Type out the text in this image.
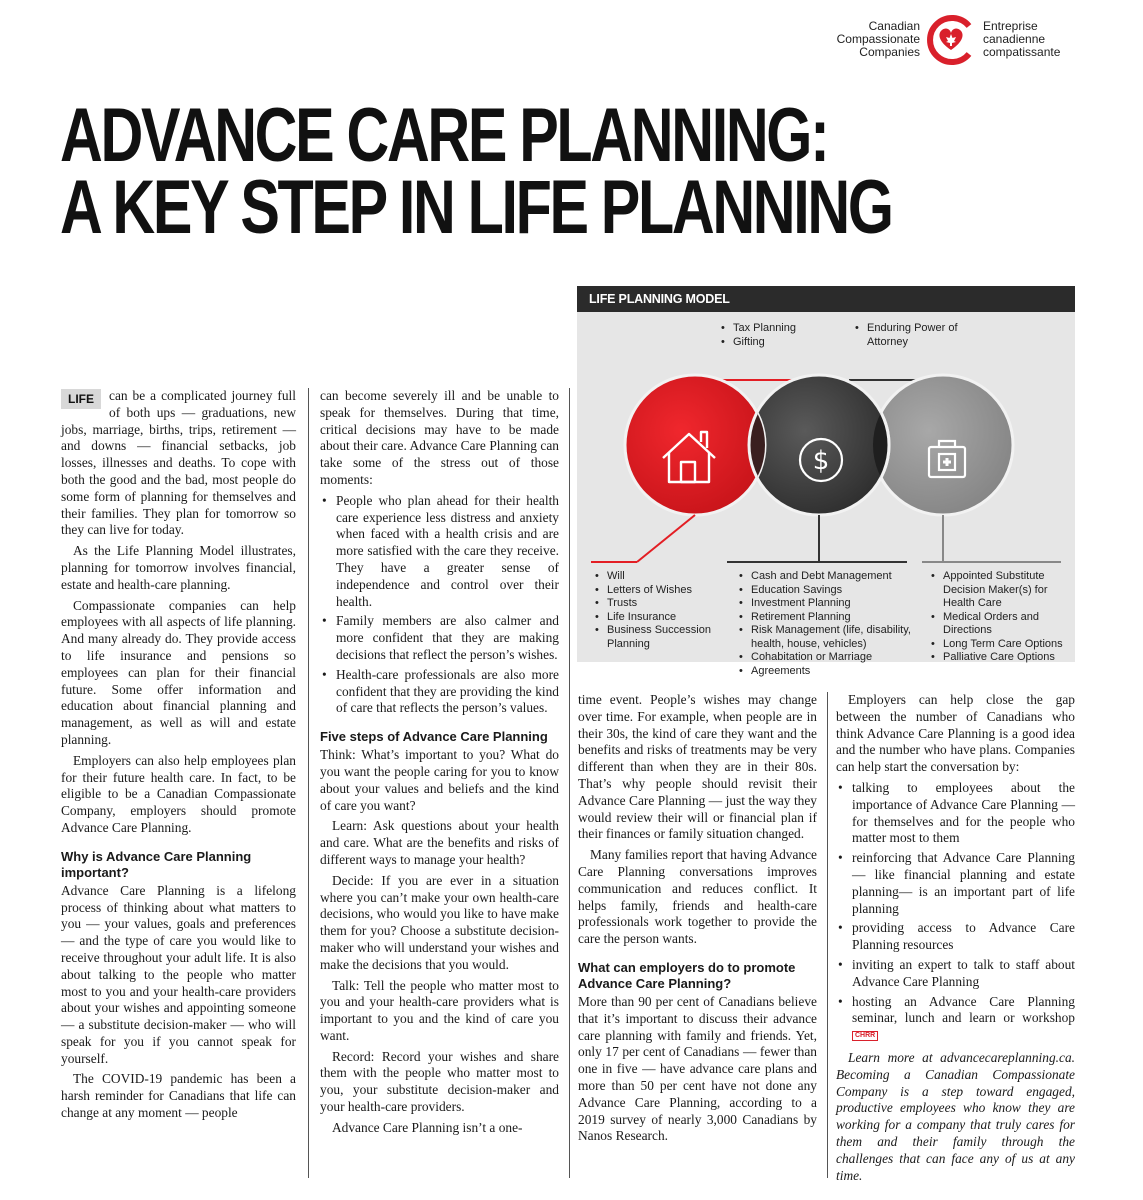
Canadian
Compassionate
Companies
Entreprise
canadienne
compatissante
ADVANCE CARE PLANNING:
A KEY STEP IN LIFE PLANNING

LIFE	can be a complicated journey full of both ups — graduations, new jobs, marriage, births, trips, retirement — and downs — financial setbacks, job losses, illnesses and deaths. To cope with both the good and the bad, most people do some form of planning for themselves and their families. They plan for tomorrow so they can live for today.

As the Life Planning Model illustrates, planning for tomorrow involves financial, estate and health-care planning.

Compassionate companies can help employees with all aspects of life planning. And many already do. They provide access to life insurance and pensions so employees can plan for their financial future. Some offer information and education about financial planning and management, as well as will and estate planning.

Employers can also help employees plan for their future health care. In fact, to be eligible to be a Canadian Compassionate Company, employers should promote Advance Care Planning.

Why is Advance Care Planning important?

Advance Care Planning is a lifelong process of thinking about what matters to you — your values, goals and preferences — and the type of care you would like to receive throughout your adult life. It is also about talking to the people who matter most to you and your health-care providers about your wishes and appointing someone — a substitute decision-maker — who will speak for you if you cannot speak for yourself.

The COVID-19 pandemic has been a harsh reminder for Canadians that life can change at any moment — people

can become severely ill and be unable to speak for themselves. During that time, critical decisions may have to be made about their care. Advance Care Planning can take some of the stress out of those moments:

• People who plan ahead for their health care experience less distress and anxiety when faced with a health crisis and are more satisfied with the care they receive. They have a greater sense of independence and control over their health.
• Family members are also calmer and more confident that they are making decisions that reflect the person’s wishes.
• Health-care professionals are also more confident that they are providing the kind of care that reflects the person’s values.
Five steps of Advance Care Planning

Think: What’s important to you? What do you want the people caring for you to know about your values and beliefs and the kind of care you want?

Learn: Ask questions about your health and care. What are the benefits and risks of different ways to manage your health?

Decide: If you are ever in a situation where you can’t make your own health-care decisions, who would you like to have make them for you? Choose a substitute decision-maker who will understand your wishes and make the decisions that you would.

Talk: Tell the people who matter most to you and your health-care providers what is important to you and the kind of care you want.

Record: Record your wishes and share them with the people who matter most to you, your substitute decision-maker and your health-care providers.

Advance Care Planning isn’t a one-

LIFE PLANNING MODEL
$
• Tax Planning
• Gifting
• Enduring Power of Attorney
• Will
• Letters of Wishes
• Trusts
• Life Insurance
• Business Succession Planning
• Cash and Debt Management
• Education Savings
• Investment Planning
• Retirement Planning
• Risk Management (life, disability, health, house, vehicles)
• Cohabitation or Marriage
• Agreements
• Appointed Substitute Decision Maker(s) for Health Care
• Medical Orders and Directions
• Long Term Care Options
• Palliative Care Options

time event. People’s wishes may change over time. For example, when people are in their 30s, the kind of care they want and the benefits and risks of treatments may be very different than when they are in their 80s. That’s why people should revisit their Advance Care Planning — just the way they would review their will or financial plan if their finances or family situation changed.

Many families report that having Advance Care Planning conversations improves communication and reduces conflict. It helps family, friends and health-care professionals work together to provide the care the person wants.

What can employers do to promote Advance Care Planning?

More than 90 per cent of Canadians believe that it’s important to discuss their advance care planning with family and friends. Yet, only 17 per cent of Canadians — fewer than one in five — have advance care plans and more than 50 per cent have not done any Advance Care Planning, according to a 2019 survey of nearly 3,000 Canadians by Nanos Research.

Employers can help close the gap between the number of Canadians who think Advance Care Planning is a good idea and the number who have plans. Companies can help start the conversation by:

• talking to employees about the importance of Advance Care Planning — for themselves and for the people who matter most to them
• reinforcing that Advance Care Planning — like financial planning and estate planning— is an important part of life planning
• providing access to Advance Care Planning resources
• inviting an expert to talk to staff about Advance Care Planning
• hosting an Advance Care Planning seminar, lunch and learn or workshop CHRR

Learn more at advancecareplanning.ca. Becoming a Canadian Compassionate Company is a step toward engaged, productive employees who know they are working for a company that truly cares for them and their family through the challenges that can face any of us at any time.
